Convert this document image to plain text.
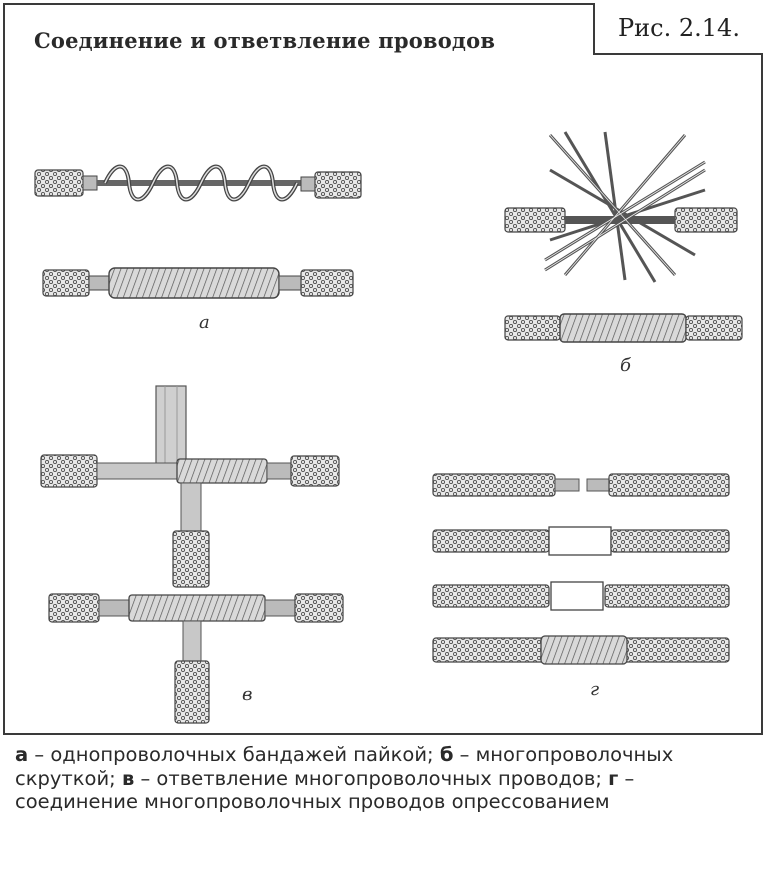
Соединение и ответвление проводов	Рис. 2.14.
а
б
в	г
а – однопроволочных бандажей пайкой; б – многопроволочных скруткой; в – ответвление многопроволочных проводов; г – соединение многопроволочных проводов опрессованием
